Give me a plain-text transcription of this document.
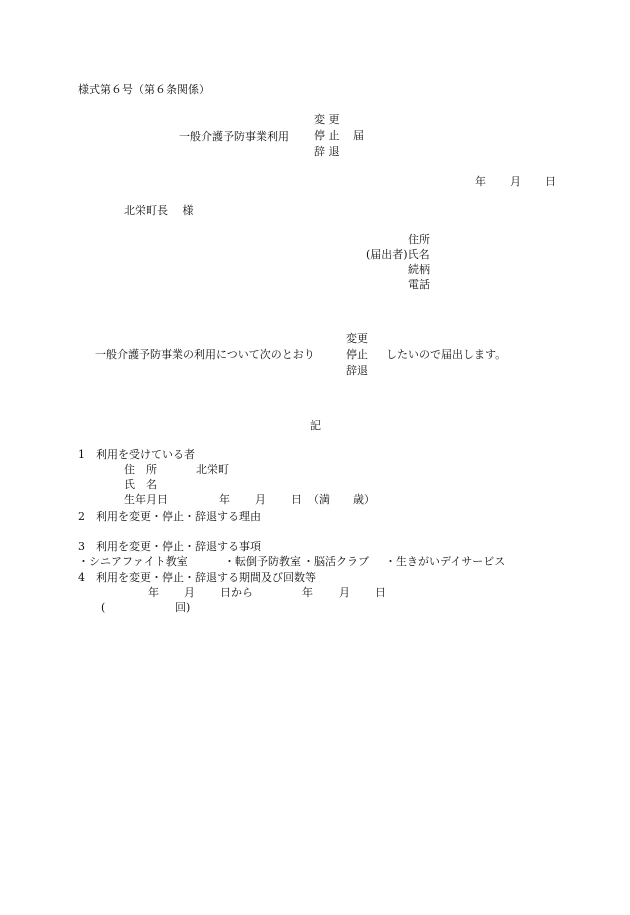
様式第６号（第６条関係）
一般介護予防事業利用
変 更
停 止
辞 退
届
年 月 日
北栄町長　 様
住所
(届出者)氏名
続柄
電話
一般介護予防事業の利用について次のとおり
変更
停止
辞退
したいので届出します。
記
1　利用を受けている者
住　所	北栄町
氏　名
生年月日	年 月 日 （満 歳）
2　利用を変更・停止・辞退する理由
3　利用を変更・停止・辞退する事項
・シニアファイト教室	・転倒予防教室 ・脳活クラブ ・生きがいデイサービス
4　利用を変更・停止・辞退する期間及び回数等
年 月 日から	年 月 日
(	回)
